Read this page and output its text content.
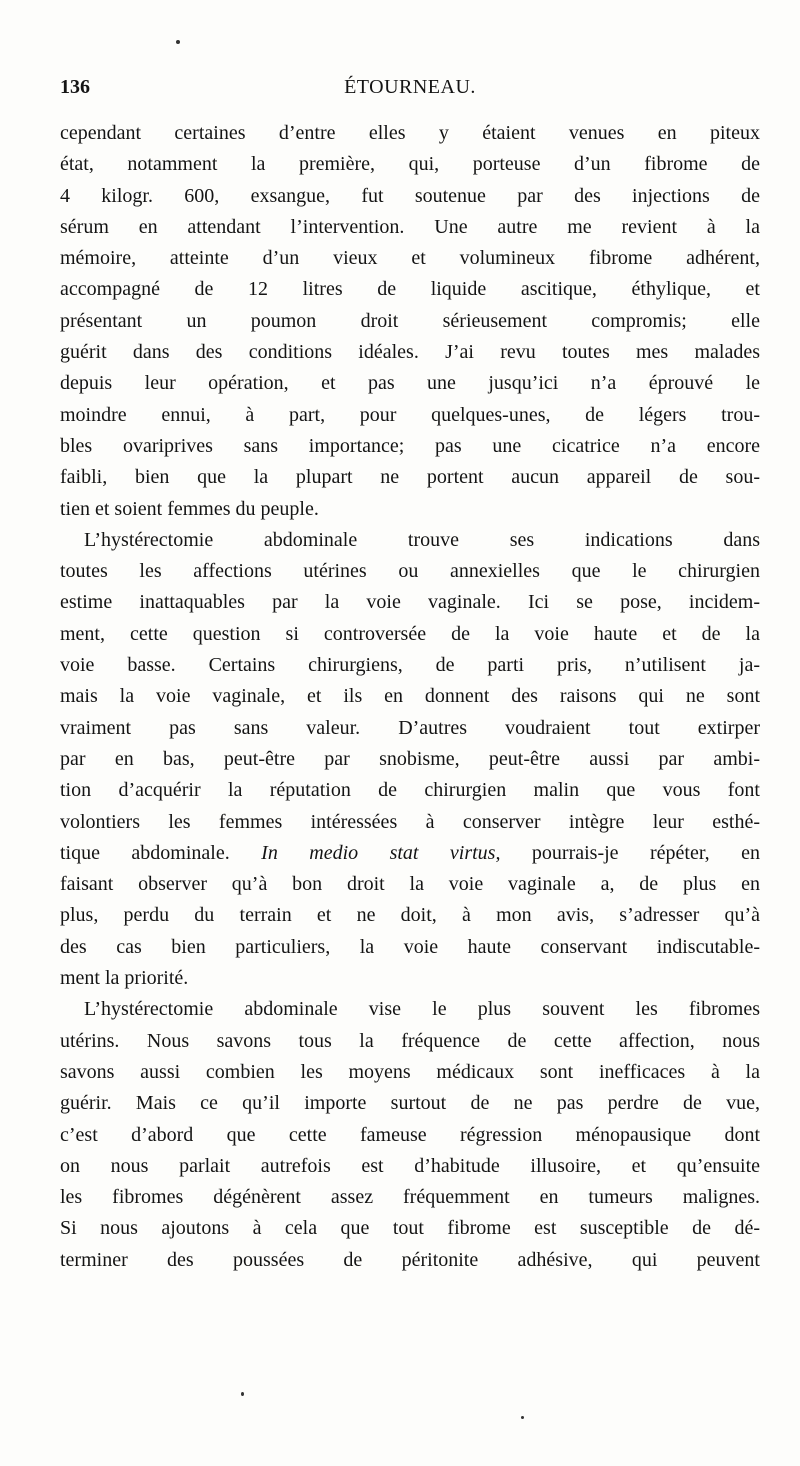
136	ÉTOURNEAU.
cependant certaines d’entre elles y étaient venues en piteux
état, notamment la première, qui, porteuse d’un fibrome de
4 kilogr. 600, exsangue, fut soutenue par des injections de
sérum en attendant l’intervention. Une autre me revient à la
mémoire, atteinte d’un vieux et volumineux fibrome adhérent,
accompagné de 12 litres de liquide ascitique, éthylique, et
présentant un poumon droit sérieusement compromis; elle
guérit dans des conditions idéales. J’ai revu toutes mes malades
depuis leur opération, et pas une jusqu’ici n’a éprouvé le
moindre ennui, à part, pour quelques-unes, de légers trou-
bles ovariprives sans importance; pas une cicatrice n’a encore
faibli, bien que la plupart ne portent aucun appareil de sou-
tien et soient femmes du peuple.
L’hystérectomie abdominale trouve ses indications dans
toutes les affections utérines ou annexielles que le chirurgien
estime inattaquables par la voie vaginale. Ici se pose, incidem-
ment, cette question si controversée de la voie haute et de la
voie basse. Certains chirurgiens, de parti pris, n’utilisent ja-
mais la voie vaginale, et ils en donnent des raisons qui ne sont
vraiment pas sans valeur. D’autres voudraient tout extirper
par en bas, peut-être par snobisme, peut-être aussi par ambi-
tion d’acquérir la réputation de chirurgien malin que vous font
volontiers les femmes intéressées à conserver intègre leur esthé-
tique abdominale. In medio stat virtus, pourrais-je répéter, en
faisant observer qu’à bon droit la voie vaginale a, de plus en
plus, perdu du terrain et ne doit, à mon avis, s’adresser qu’à
des cas bien particuliers, la voie haute conservant indiscutable-
ment la priorité.
L’hystérectomie abdominale vise le plus souvent les fibromes
utérins. Nous savons tous la fréquence de cette affection, nous
savons aussi combien les moyens médicaux sont inefficaces à la
guérir. Mais ce qu’il importe surtout de ne pas perdre de vue,
c’est d’abord que cette fameuse régression ménopausique dont
on nous parlait autrefois est d’habitude illusoire, et qu’ensuite
les fibromes dégénèrent assez fréquemment en tumeurs malignes.
Si nous ajoutons à cela que tout fibrome est susceptible de dé-
terminer des poussées de péritonite adhésive, qui peuvent
